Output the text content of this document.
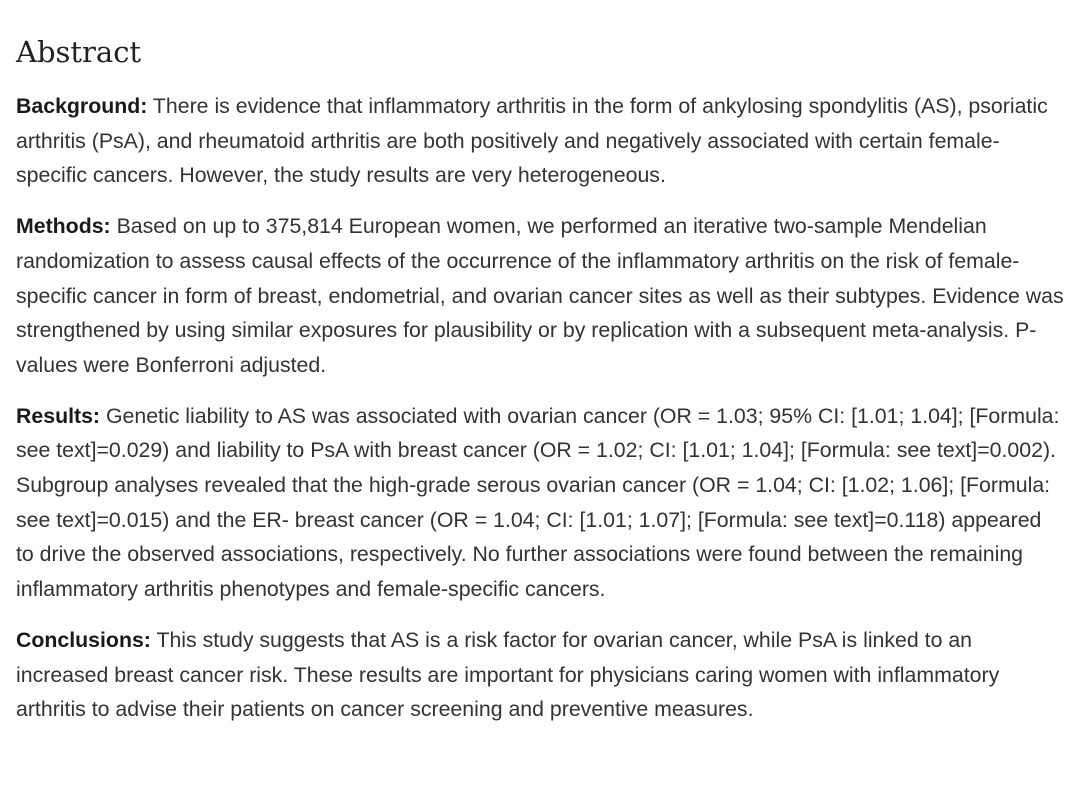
Abstract

Background: There is evidence that inflammatory arthritis in the form of ankylosing spondylitis (AS), psoriatic arthritis (PsA), and rheumatoid arthritis are both positively and negatively associated with certain female-specific cancers. However, the study results are very heterogeneous.

Methods: Based on up to 375,814 European women, we performed an iterative two-sample Mendelian randomization to assess causal effects of the occurrence of the inflammatory arthritis on the risk of female-specific cancer in form of breast, endometrial, and ovarian cancer sites as well as their subtypes. Evidence was strengthened by using similar exposures for plausibility or by replication with a subsequent meta-analysis. P-values were Bonferroni adjusted.

Results: Genetic liability to AS was associated with ovarian cancer (OR = 1.03; 95% CI: [1.01; 1.04]; [Formula: see text]=0.029) and liability to PsA with breast cancer (OR = 1.02; CI: [1.01; 1.04]; [Formula: see text]=0.002). Subgroup analyses revealed that the high-grade serous ovarian cancer (OR = 1.04; CI: [1.02; 1.06]; [Formula: see text]=0.015) and the ER- breast cancer (OR = 1.04; CI: [1.01; 1.07]; [Formula: see text]=0.118) appeared to drive the observed associations, respectively. No further associations were found between the remaining inflammatory arthritis phenotypes and female-specific cancers.

Conclusions: This study suggests that AS is a risk factor for ovarian cancer, while PsA is linked to an increased breast cancer risk. These results are important for physicians caring women with inflammatory arthritis to advise their patients on cancer screening and preventive measures.
